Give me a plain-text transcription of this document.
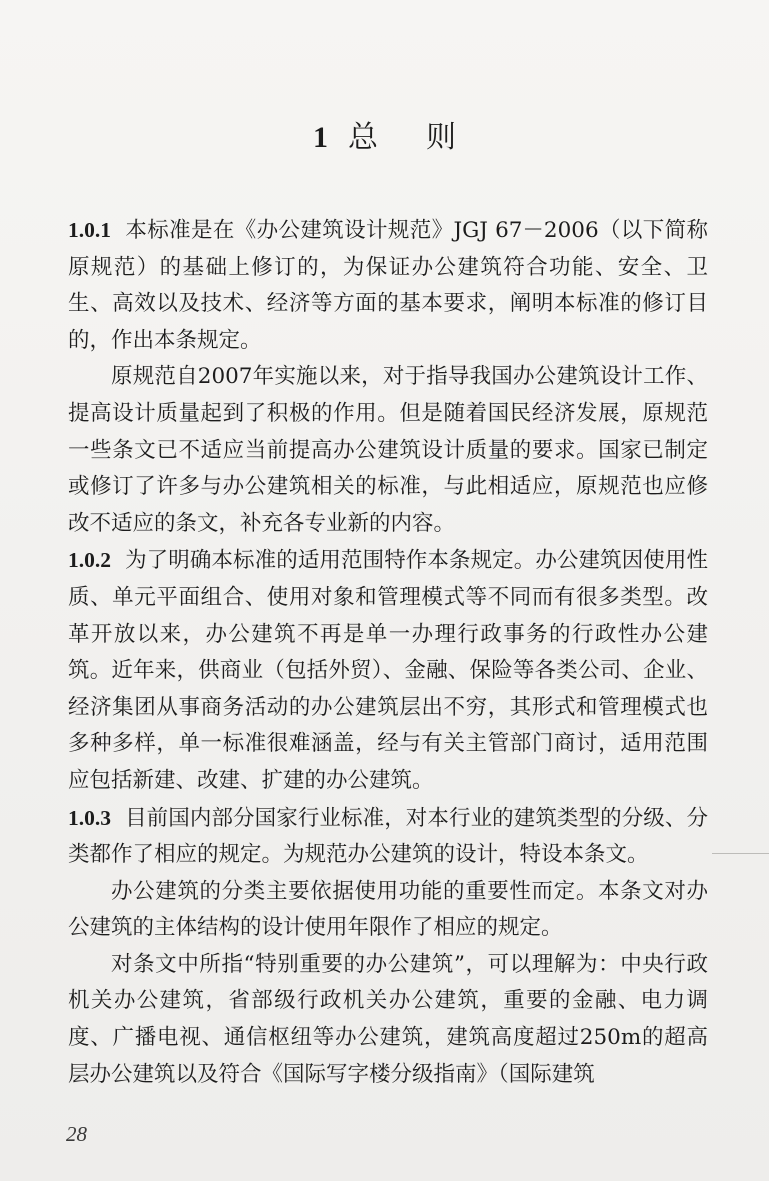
1 总 则

1.0.1 本标准是在《办公建筑设计规范》JGJ 67－2006（以下简称原规范）的基础上修订的，为保证办公建筑符合功能、安全、卫生、高效以及技术、经济等方面的基本要求，阐明本标准的修订目的，作出本条规定。

原规范自2007年实施以来，对于指导我国办公建筑设计工作、提高设计质量起到了积极的作用。但是随着国民经济发展，原规范一些条文已不适应当前提高办公建筑设计质量的要求。国家已制定或修订了许多与办公建筑相关的标准，与此相适应，原规范也应修改不适应的条文，补充各专业新的内容。

1.0.2 为了明确本标准的适用范围特作本条规定。办公建筑因使用性质、单元平面组合、使用对象和管理模式等不同而有很多类型。改革开放以来，办公建筑不再是单一办理行政事务的行政性办公建筑。近年来，供商业（包括外贸）、金融、保险等各类公司、企业、经济集团从事商务活动的办公建筑层出不穷，其形式和管理模式也多种多样，单一标准很难涵盖，经与有关主管部门商讨，适用范围应包括新建、改建、扩建的办公建筑。

1.0.3 目前国内部分国家行业标准，对本行业的建筑类型的分级、分类都作了相应的规定。为规范办公建筑的设计，特设本条文。

办公建筑的分类主要依据使用功能的重要性而定。本条文对办公建筑的主体结构的设计使用年限作了相应的规定。

对条文中所指“特别重要的办公建筑”，可以理解为：中央行政机关办公建筑，省部级行政机关办公建筑，重要的金融、电力调度、广播电视、通信枢纽等办公建筑，建筑高度超过250m的超高层办公建筑以及符合《国际写字楼分级指南》（国际建筑

28
